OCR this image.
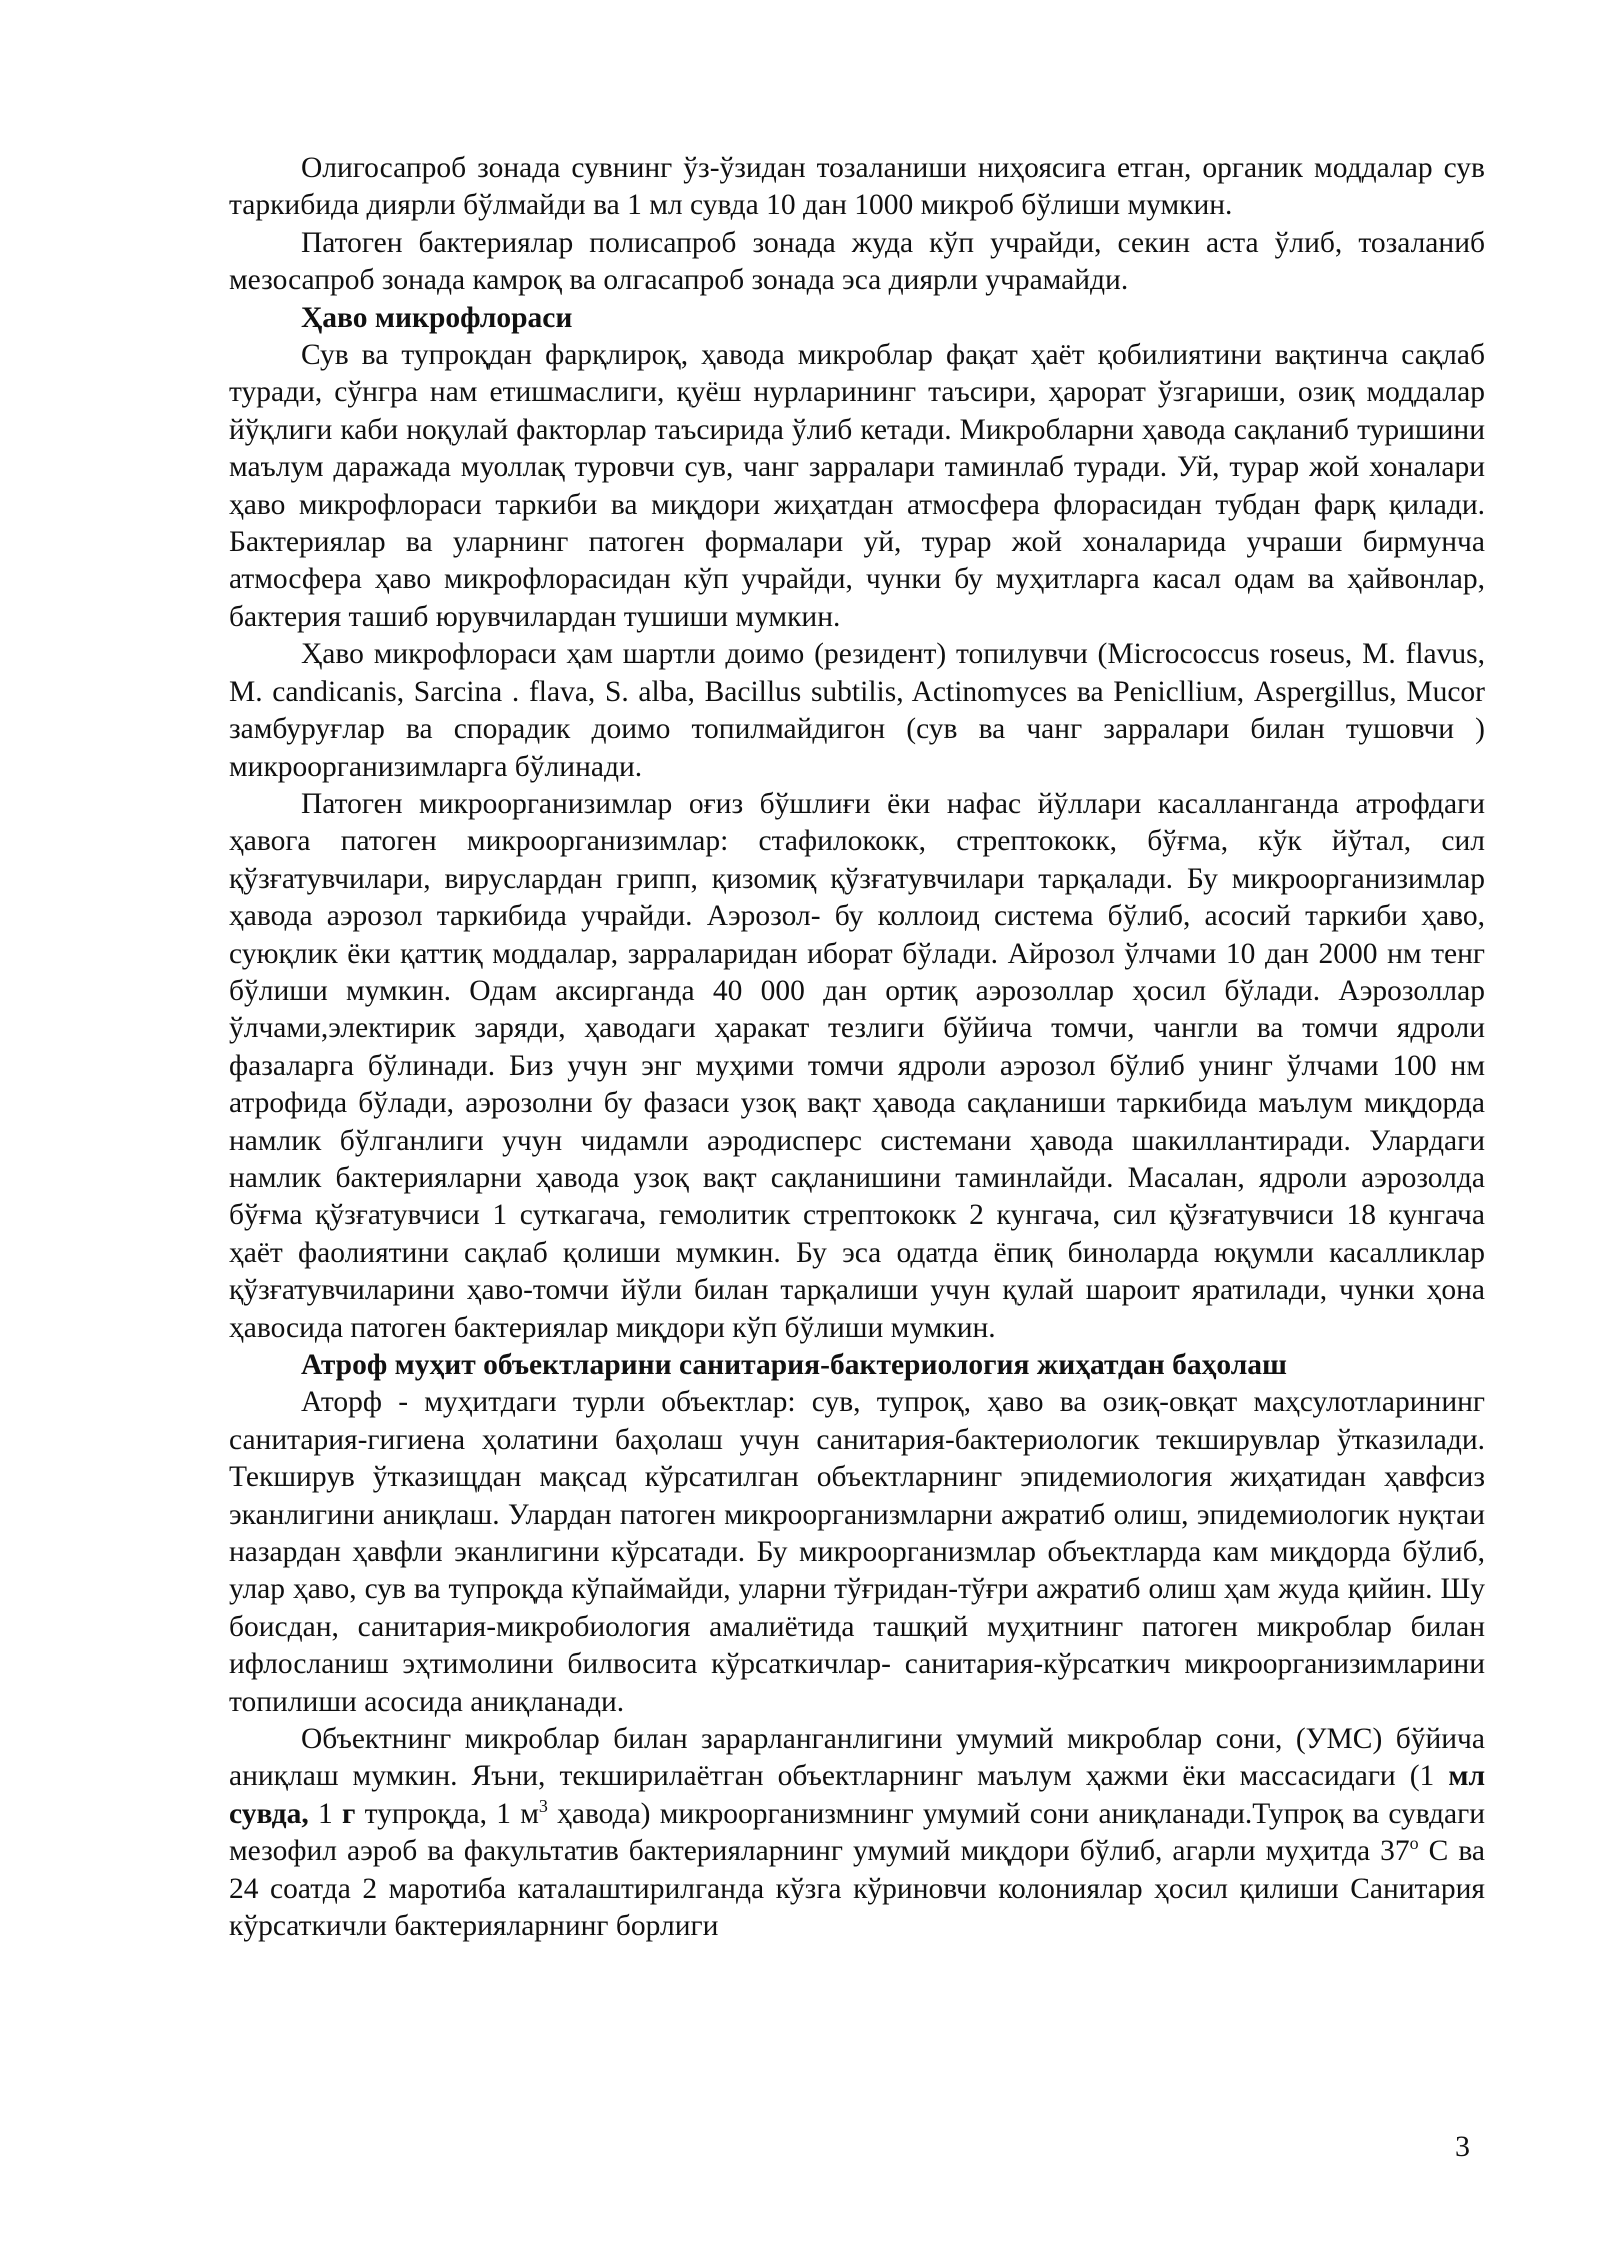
Олигосапроб зонада сувнинг ўз-ўзидан тозаланиши ниҳоясига етган, органик моддалар сув таркибида диярли бўлмайди ва 1 мл сувда 10 дан 1000 микроб бўлиши мумкин.

Патоген бактериялар полисапроб зонада жуда кўп учрайди, секин аста ўлиб, тозаланиб мезосапроб зонада камроқ ва олгасапроб зонада эса диярли учрамайди.

Ҳаво микрофлораси

Сув ва тупроқдан фарқлироқ, ҳавода микроблар фақат ҳаёт қобилиятини вақтинча сақлаб туради, сўнгра нам етишмаслиги, қуёш нурларининг таъсири, ҳарорат ўзгариши, озиқ моддалар йўқлиги каби ноқулай факторлар таъсирида ўлиб кетади. Микробларни ҳавода сақланиб туришини маълум даражада муоллақ туровчи сув, чанг зарралари таминлаб туради. Уй, турар жой хоналари ҳаво микрофлораси таркиби ва миқдори жиҳатдан атмосфера флорасидан тубдан фарқ қилади. Бактериялар ва уларнинг патоген формалари уй, турар жой хоналарида учраши бирмунча атмосфера ҳаво микрофлорасидан кўп учрайди, чунки бу муҳитларга касал одам ва ҳайвонлар, бактерия ташиб юрувчилардан тушиши мумкин.

Ҳаво микрофлораси ҳам шартли доимо (резидент) топилувчи (Micrococcus roseus, M. flavus, M. candicanis, Sarcina . flava, S. alba, Bacillus subtilis, Actinomyces ва Peniclliuм, Aspergillus, Mucor замбуруғлар ва спорадик доимо топилмайдигон (сув ва чанг зарралари билан тушовчи ) микроорганизимларга бўлинади.

Патоген микроорганизимлар оғиз бўшлиғи ёки нафас йўллари касалланганда атрофдаги ҳавога патоген микроорганизимлар: стафилококк, стрептококк, бўғма, кўк йўтал, сил қўзғатувчилари, вируслардан грипп, қизомиқ қўзғатувчилари тарқалади. Бу микроорганизимлар ҳавода аэрозол таркибида учрайди. Аэрозол- бу коллоид система бўлиб, асосий таркиби ҳаво, суюқлик ёки қаттиқ моддалар, зарраларидан иборат бўлади. Айрозол ўлчами 10 дан 2000 нм тенг бўлиши мумкин. Одам аксирганда 40 000 дан ортиқ аэрозоллар ҳосил бўлади. Аэрозоллар ўлчами,электирик заряди, ҳаводаги ҳаракат тезлиги бўйича томчи, чангли ва томчи ядроли фазаларга бўлинади. Биз учун энг муҳими томчи ядроли аэрозол бўлиб унинг ўлчами 100 нм атрофида бўлади, аэрозолни бу фазаси узоқ вақт ҳавода сақланиши таркибида маълум миқдорда намлик бўлганлиги учун чидамли аэродисперс системани ҳавода шакиллантиради. Улардаги намлик бактерияларни ҳавода узоқ вақт сақланишини таминлайди. Масалан, ядроли аэрозолда бўғма қўзғатувчиси 1 суткагача, гемолитик стрептококк 2 кунгача, сил қўзғатувчиси 18 кунгача ҳаёт фаолиятини сақлаб қолиши мумкин. Бу эса одатда ёпиқ биноларда юқумли касалликлар қўзғатувчиларини ҳаво-томчи йўли билан тарқалиши учун қулай шароит яратилади, чунки ҳона ҳавосида патоген бактериялар миқдори кўп бўлиши мумкин.

Атроф муҳит объектларини санитария-бактериология жиҳатдан баҳолаш

Аторф - муҳитдаги турли объектлар: сув, тупроқ, ҳаво ва озиқ-овқат маҳсулотларининг санитария-гигиена ҳолатини баҳолаш учун санитария-бактериологик текширувлар ўтказилади. Текширув ўтказищдан мақсад кўрсатилган объектларнинг эпидемиология жиҳатидан ҳавфсиз эканлигини аниқлаш. Улардан патоген микроорганизмларни ажратиб олиш, эпидемиологик нуқтаи назардан ҳавфли эканлигини кўрсатади. Бу микроорганизмлар объектларда кам миқдорда бўлиб, улар ҳаво, сув ва тупроқда кўпаймайди, уларни тўғридан-тўғри ажратиб олиш ҳам жуда қийин. Шу боисдан, санитария-микробиология амалиётида ташқий муҳитнинг патоген микроблар билан ифлосланиш эҳтимолини билвосита кўрсаткичлар- санитария-кўрсаткич микроорганизимларини топилиши асосида аниқланади.

Объектнинг микроблар билан зарарланганлигини умумий микроблар сони, (УМС) бўйича аниқлаш мумкин. Яъни, текширилаётган объектларнинг маълум ҳажми ёки массасидаги (1 мл сувда, 1 г тупроқда, 1 $м^3$ ҳавода) микроорганизмнинг умумий сони аниқланади.Тупроқ ва сувдаги мезофил аэроб ва факультатив бактерияларнинг умумий миқдори бўлиб, агарли муҳитда $37^о$ С ва 24 соатда 2 маротиба каталаштирилганда кўзга кўриновчи колониялар ҳосил қилиши Санитария кўрсаткичли бактерияларнинг борлиги

3
